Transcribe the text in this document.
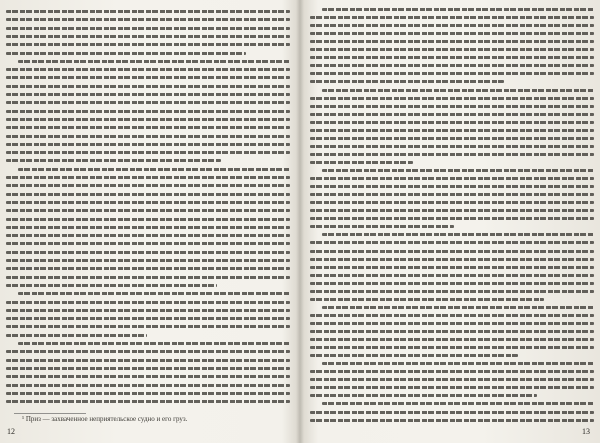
¹ Приз — захваченное неприятельское судно и его груз.
12	13
